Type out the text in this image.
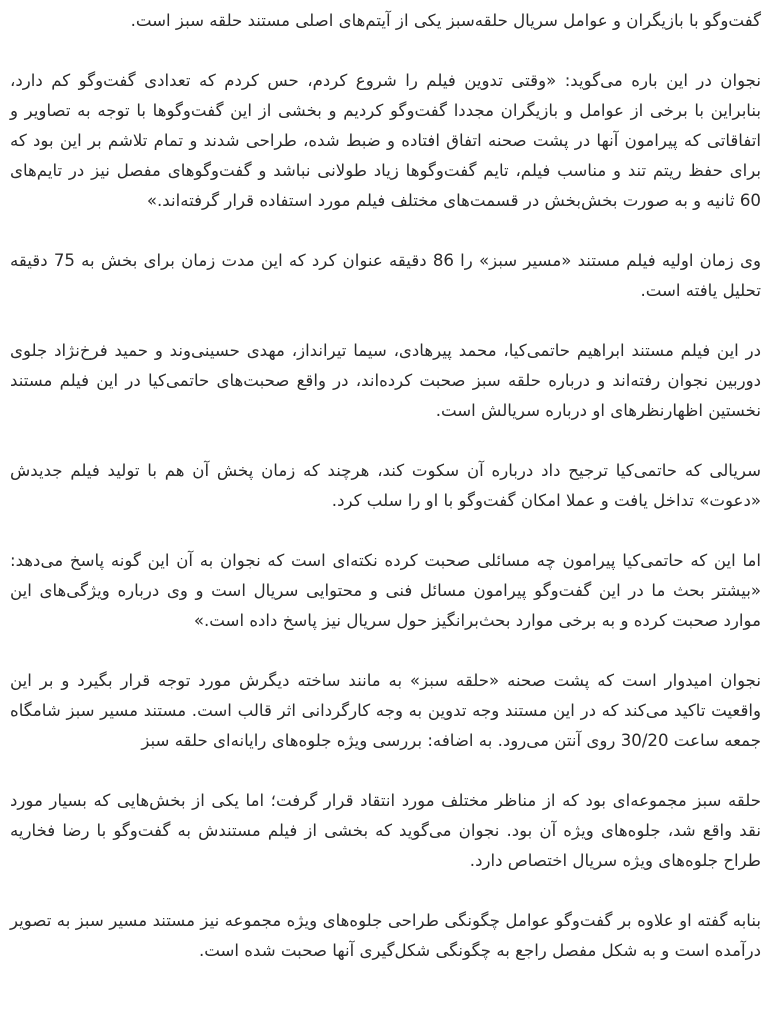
گفت‌وگو با بازیگران و عوامل سریال حلقه‌سبز یکی از آیتم‌های اصلی مستند حلقه سبز است.

نجوان در این باره می‌گوید: «وقتی تدوین فیلم را شروع کردم، حس کردم که تعدادی گفت‌وگو کم دارد، بنابراین با برخی از عوامل و بازیگران مجددا گفت‌وگو کردیم و بخشی از این گفت‌وگوها با توجه به تصاویر و اتفاقاتی که پیرامون آنها در پشت صحنه اتفاق افتاده و ضبط شده، طراحی شدند و تمام تلاشم بر این بود که برای حفظ ریتم تند و مناسب فیلم، تایم گفت‌وگوها زیاد طولانی نباشد و گفت‌وگوهای مفصل نیز در تایم‌های 60 ثانیه و به صورت بخش‌بخش در قسمت‌های مختلف فیلم مورد استفاده قرار گرفته‌اند.»

وی زمان اولیه فیلم مستند «مسیر سبز» را 86 دقیقه عنوان کرد که این مدت زمان برای بخش به 75 دقیقه تحلیل یافته است.

در این فیلم مستند ابراهیم حاتمی‌کیا، محمد پیرهادی، سیما تیرانداز، مهدی حسینی‌وند و حمید فرخ‌نژاد جلوی دوربین نجوان رفته‌اند و درباره حلقه سبز صحبت کرده‌اند، در واقع صحبت‌های حاتمی‌کیا در این فیلم مستند نخستین اظهارنظرهای او درباره سریالش است.

سریالی که حاتمی‌کیا ترجیح داد درباره آن سکوت کند، هرچند که زمان پخش آن هم با تولید فیلم جدیدش «دعوت» تداخل یافت و عملا امکان گفت‌وگو با او را سلب کرد.

اما این که حاتمی‌کیا پیرامون چه مسائلی صحبت کرده نکته‌ای است که نجوان به آن این گونه پاسخ می‌دهد: «بیشتر بحث ما در این گفت‌وگو پیرامون مسائل فنی و محتوایی سریال است و وی درباره ویژگی‌های این موارد صحبت کرده و به برخی موارد بحث‌برانگیز حول سریال نیز پاسخ داده است.»

نجوان امیدوار است که پشت صحنه «حلقه سبز» به مانند ساخته دیگرش مورد توجه قرار بگیرد و بر این واقعیت تاکید می‌کند که در این مستند وجه تدوین به وجه کارگردانی اثر قالب است. مستند مسیر سبز شامگاه جمعه ساعت 30/20 روی آنتن می‌رود. به اضافه: بررسی ویژه جلوه‌های رایانه‌ای حلقه سبز

حلقه سبز مجموعه‌ای بود که از مناظر مختلف مورد انتقاد قرار گرفت؛ اما یکی از بخش‌هایی که بسیار مورد نقد واقع شد، جلوه‌های ویژه آن بود. نجوان می‌گوید که بخشی از فیلم مستندش به گفت‌وگو با رضا فخاریه طراح جلوه‌های ویژه سریال اختصاص دارد.

بنابه گفته او علاوه بر گفت‌وگو عوامل چگونگی طراحی جلوه‌های ویژه مجموعه نیز مستند مسیر سبز به تصویر درآمده است و به شکل مفصل راجع به چگونگی شکل‌گیری آنها صحبت شده است.
